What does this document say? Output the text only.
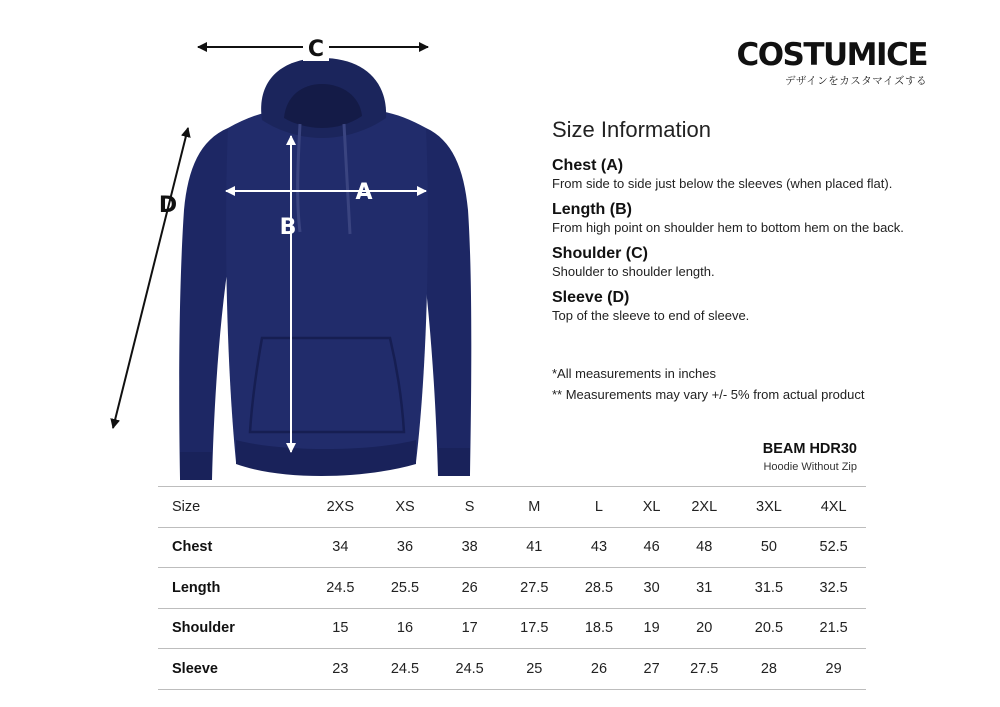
C
D
A
B
COSTUMICE
デザインをカスタマイズする
Size Information
Chest (A)
From side to side just below the sleeves (when placed flat).
Length (B)
From high point on shoulder hem to bottom hem on the back.
Shoulder (C)
Shoulder to shoulder length.
Sleeve (D)
Top of the sleeve to end of sleeve.
*All measurements in inches
** Measurements may vary +/- 5% from actual product
BEAM HDR30
Hoodie Without Zip
Size	2XS	XS	S	M	L	XL	2XL	3XL	4XL
Chest	34	36	38	41	43	46	48	50	52.5
Length	24.5	25.5	26	27.5	28.5	30	31	31.5	32.5
Shoulder	15	16	17	17.5	18.5	19	20	20.5	21.5
Sleeve	23	24.5	24.5	25	26	27	27.5	28	29
